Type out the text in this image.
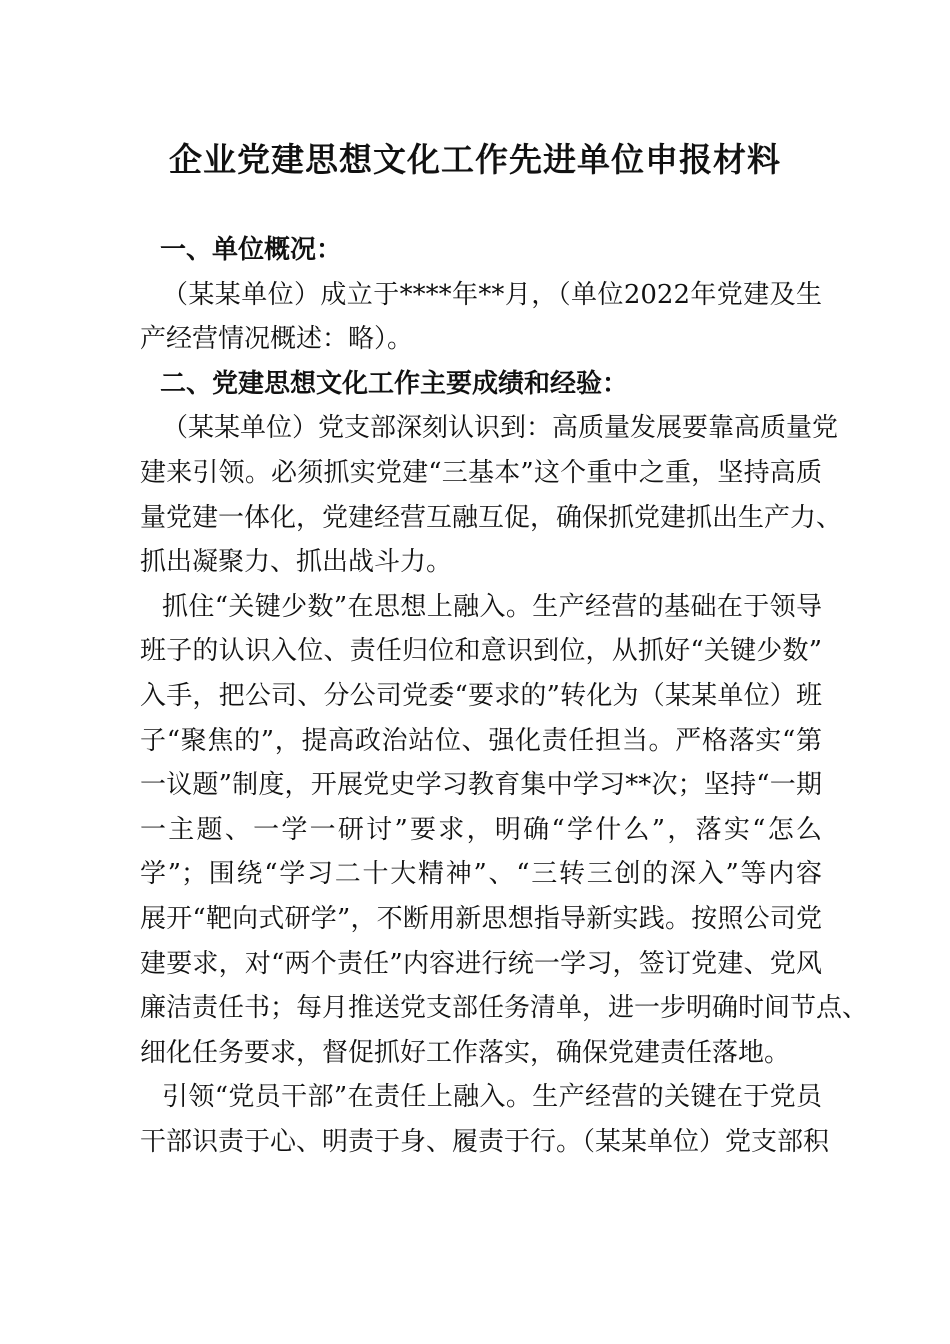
企业党建思想文化工作先进单位申报材料
一、单位概况：
（某某单位）成立于****年**月，（单位2022年党建及生
产经营情况概述：略）。
二、党建思想文化工作主要成绩和经验：
（某某单位）党支部深刻认识到：高质量发展要靠高质量党
建来引领。必须抓实党建“三基本”这个重中之重，坚持高质
量党建一体化，党建经营互融互促，确保抓党建抓出生产力、
抓出凝聚力、抓出战斗力。
抓住“关键少数”在思想上融入。生产经营的基础在于领导
班子的认识入位、责任归位和意识到位，从抓好“关键少数”
入手，把公司、分公司党委“要求的”转化为（某某单位）班
子“聚焦的”，提高政治站位、强化责任担当。严格落实“第
一议题”制度，开展党史学习教育集中学习**次；坚持“一期
一主题、一学一研讨”要求，明确“学什么”，落实“怎么
学”；围绕“学习二十大精神”、“三转三创的深入”等内容
展开“靶向式研学”，不断用新思想指导新实践。按照公司党
建要求，对“两个责任”内容进行统一学习，签订党建、党风
廉洁责任书；每月推送党支部任务清单，进一步明确时间节点、
细化任务要求，督促抓好工作落实，确保党建责任落地。
引领“党员干部”在责任上融入。生产经营的关键在于党员
干部识责于心、明责于身、履责于行。（某某单位）党支部积
